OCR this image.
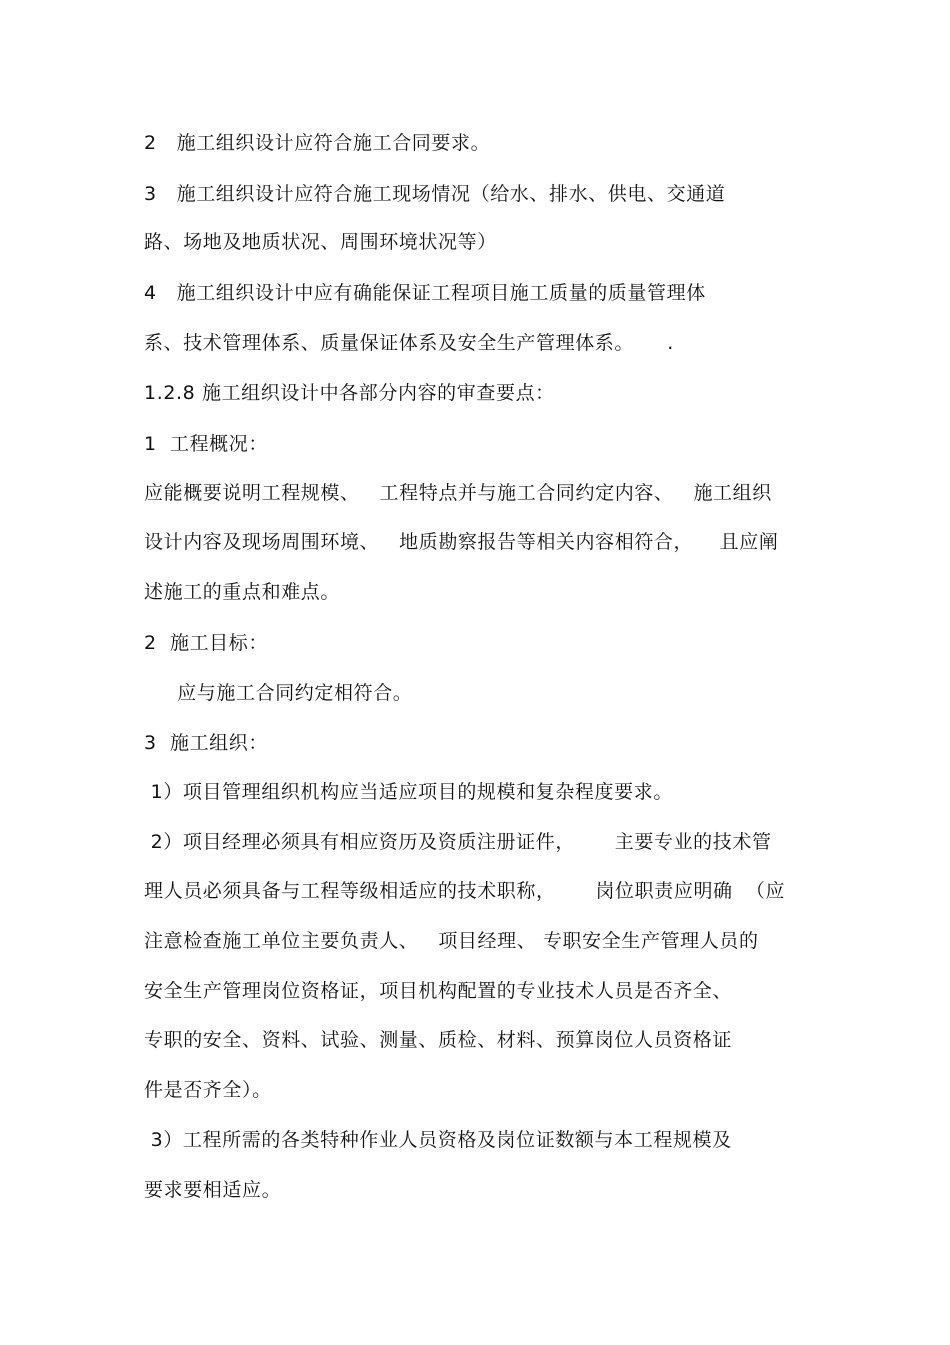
2   施工组织设计应符合施工合同要求。
3   施工组织设计应符合施工现场情况（给水、排水、供电、交通道
路、场地及地质状况、周围环境状况等）
4   施工组织设计中应有确能保证工程项目施工质量的质量管理体
系、技术管理体系、质量保证体系及安全生产管理体系。     .
1.2.8 施工组织设计中各部分内容的审查要点：
1  工程概况：
应能概要说明工程规模、   工程特点并与施工合同约定内容、   施工组织
设计内容及现场周围环境、   地质勘察报告等相关内容相符合，    且应阐
述施工的重点和难点。
2  施工目标：
应与施工合同约定相符合。
3  施工组织：
1）项目管理组织机构应当适应项目的规模和复杂程度要求。
2）项目经理必须具有相应资历及资质注册证件，      主要专业的技术管
理人员必须具备与工程等级相适应的技术职称，      岗位职责应明确  （应
注意检查施工单位主要负责人、   项目经理、 专职安全生产管理人员的
安全生产管理岗位资格证，项目机构配置的专业技术人员是否齐全、
专职的安全、资料、试验、测量、质检、材料、预算岗位人员资格证
件是否齐全）。
3）工程所需的各类特种作业人员资格及岗位证数额与本工程规模及
要求要相适应。
